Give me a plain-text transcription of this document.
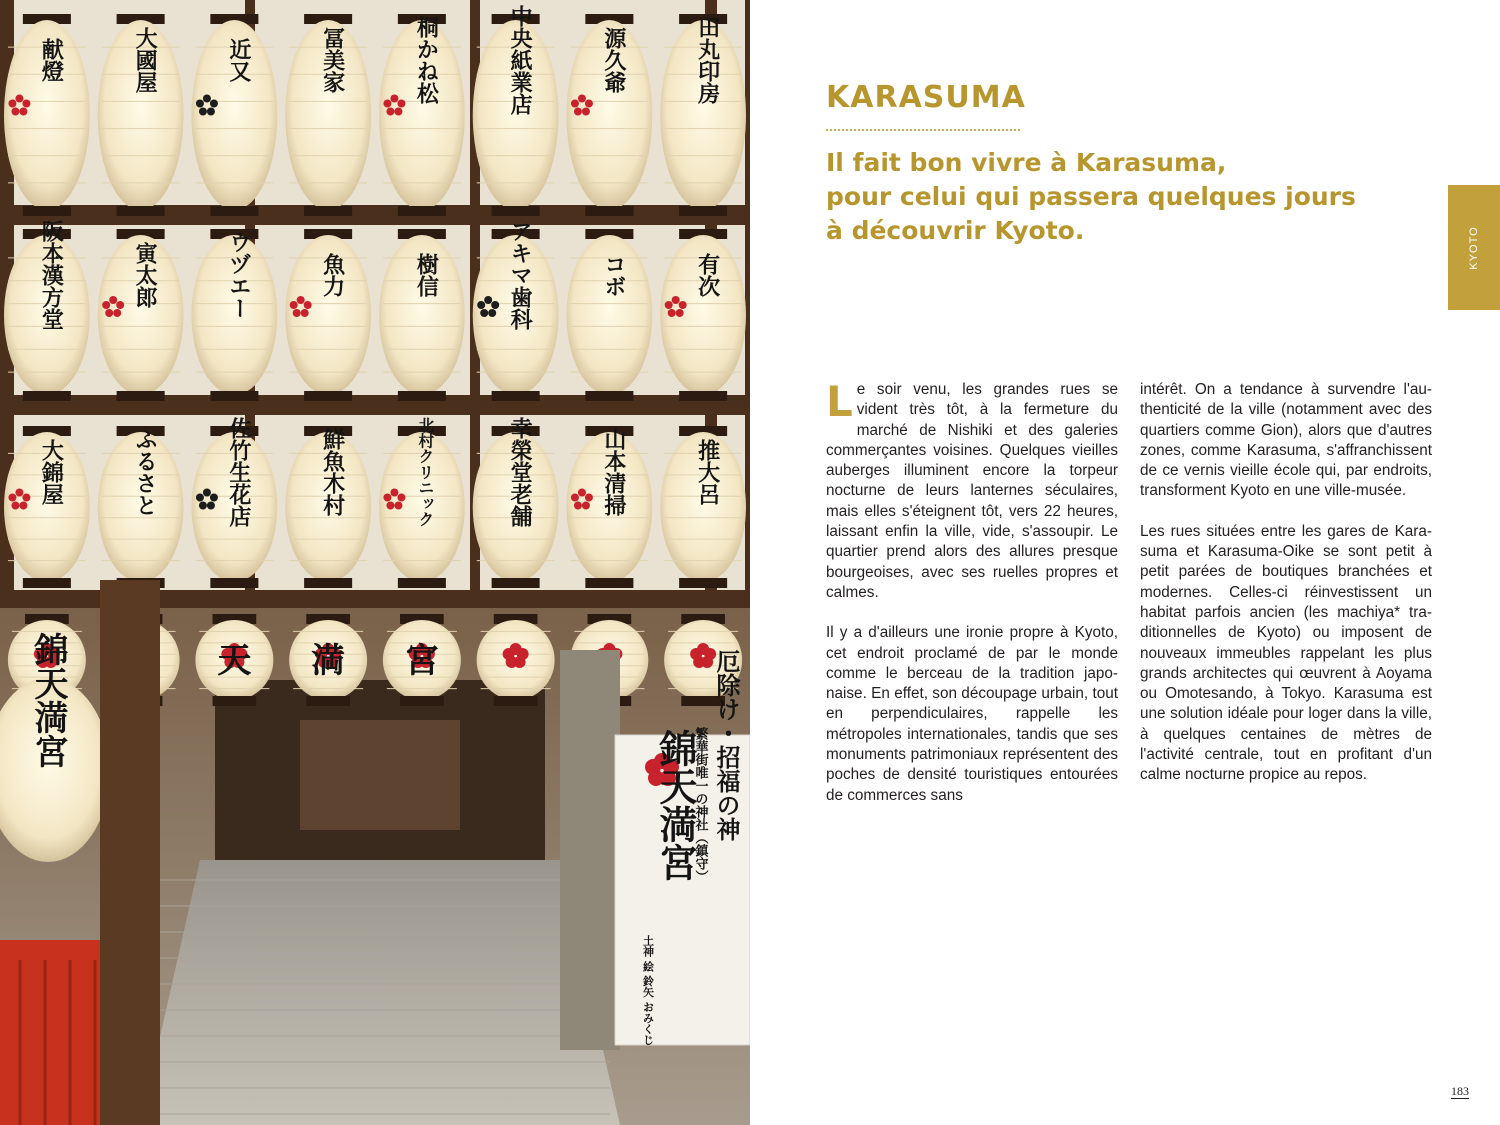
献燈	大國屋	近又	冨美家	桐かね松	中央紙業店	源久爺	田丸印房
阪本漢方堂	寅太郎	ウヅエー	魚力	樹信	アキマ歯科	コボ	有次
大錦屋	ふるさと	佐竹生花店	鮮魚木村	北村クリニック	幸榮堂老舗	山本清掃	推大呂
天 満 宮
錦天満宮	厄除け・招福の神
錦天満宮
繁華街唯一の神社（鎮守）
土神 絵 鈴矢 おみくじ
KARASUMA
Il fait bon vivre à Karasuma,
pour celui qui passera quelques jours
à découvrir Kyoto.	KYOTO

Le soir venu, les grandes rues se vident très tôt, à la fermeture du marché de Nishiki et des galeries commerçantes voisines. Quelques vieilles auberges illuminent encore la torpeur nocturne de leurs lanternes séculaires, mais elles s'éteignent tôt, vers 22 heures, laissant enfin la ville, vide, s'assoupir. Le quartier prend alors des allures presque bourgeoises, avec ses ruelles propres et calmes.

Il y a d'ailleurs une ironie propre à Kyoto, cet endroit proclamé de par le monde comme le berceau de la tradition japonaise. En effet, son découpage urbain, tout en perpendiculaires, rappelle les métropoles internationales, tandis que ses monuments patrimoniaux représentent des poches de densité touristiques entourées de commerces sans

intérêt. On a tendance à survendre l'authenticité de la ville (notamment avec des quartiers comme Gion), alors que d'autres zones, comme Karasuma, s'affranchissent de ce vernis vieille école qui, par endroits, transforment Kyoto en une ville-musée.

Les rues situées entre les gares de Karasuma et Karasuma-Oike se sont petit à petit parées de boutiques branchées et modernes. Celles-ci réinvestissent un habitat parfois ancien (les machiya* traditionnelles de Kyoto) ou imposent de nouveaux immeubles rappelant les plus grands architectes qui œuvrent à Aoyama ou Omotesando, à Tokyo. Karasuma est une solution idéale pour loger dans la ville, à quelques centaines de mètres de l'activité centrale, tout en profitant d'un calme nocturne propice au repos.

183
